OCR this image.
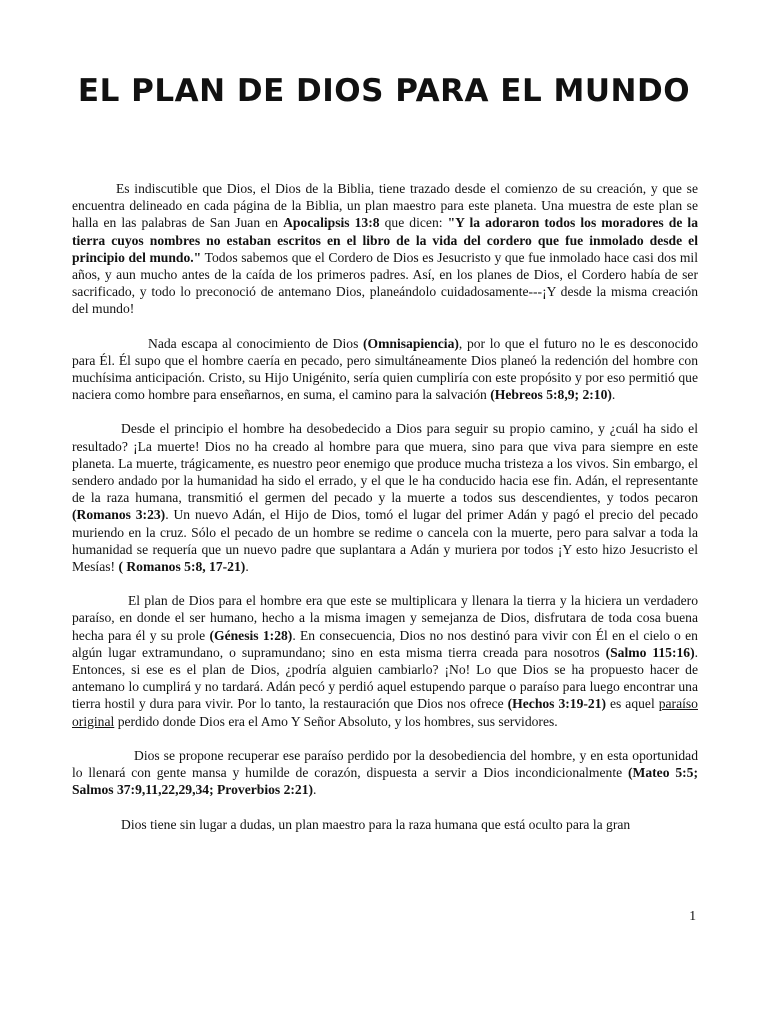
EL PLAN DE DIOS PARA EL MUNDO

Es indiscutible que Dios, el Dios de la Biblia, tiene trazado desde el comienzo de su creación, y que se encuentra delineado en cada página de la Biblia, un plan maestro para este planeta. Una muestra de este plan se halla en las palabras de San Juan en Apocalipsis 13:8 que dicen: "Y la adoraron todos los moradores de la tierra cuyos nombres no estaban escritos en el libro de la vida del cordero que fue inmolado desde el principio del mundo." Todos sabemos que el Cordero de Dios es Jesucristo y que fue inmolado hace casi dos mil años, y aun mucho antes de la caída de los primeros padres. Así, en los planes de Dios, el Cordero había de ser sacrificado, y todo lo preconoció de antemano Dios, planeándolo cuidadosamente---¡Y desde la misma creación del mundo!

Nada escapa al conocimiento de Dios (Omnisapiencia), por lo que el futuro no le es desconocido para Él. Él supo que el hombre caería en pecado, pero simultáneamente Dios planeó la redención del hombre con muchísima anticipación. Cristo, su Hijo Unigénito, sería quien cumpliría con este propósito y por eso permitió que naciera como hombre para enseñarnos, en suma, el camino para la salvación (Hebreos 5:8,9; 2:10).

Desde el principio el hombre ha desobedecido a Dios para seguir su propio camino, y ¿cuál ha sido el resultado? ¡La muerte! Dios no ha creado al hombre para que muera, sino para que viva para siempre en este planeta. La muerte, trágicamente, es nuestro peor enemigo que produce mucha tristeza a los vivos. Sin embargo, el sendero andado por la humanidad ha sido el errado, y el que le ha conducido hacia ese fin. Adán, el representante de la raza humana, transmitió el germen del pecado y la muerte a todos sus descendientes, y todos pecaron (Romanos 3:23). Un nuevo Adán, el Hijo de Dios, tomó el lugar del primer Adán y pagó el precio del pecado muriendo en la cruz. Sólo el pecado de un hombre se redime o cancela con la muerte, pero para salvar a toda la humanidad se requería que un nuevo padre que suplantara a Adán y muriera por todos ¡Y esto hizo Jesucristo el Mesías! ( Romanos 5:8, 17-21).

El plan de Dios para el hombre era que este se multiplicara y llenara la tierra y la hiciera un verdadero paraíso, en donde el ser humano, hecho a la misma imagen y semejanza de Dios, disfrutara de toda cosa buena hecha para él y su prole (Génesis 1:28). En consecuencia, Dios no nos destinó para vivir con Él en el cielo o en algún lugar extramundano, o supramundano; sino en esta misma tierra creada para nosotros (Salmo 115:16). Entonces, si ese es el plan de Dios, ¿podría alguien cambiarlo? ¡No! Lo que Dios se ha propuesto hacer de antemano lo cumplirá y no tardará. Adán pecó y perdió aquel estupendo parque o paraíso para luego encontrar una tierra hostil y dura para vivir. Por lo tanto, la restauración que Dios nos ofrece (Hechos 3:19-21) es aquel paraíso original perdido donde Dios era el Amo Y Señor Absoluto, y los hombres, sus servidores.

Dios se propone recuperar ese paraíso perdido por la desobediencia del hombre, y en esta oportunidad lo llenará con gente mansa y humilde de corazón, dispuesta a servir a Dios incondicionalmente (Mateo 5:5; Salmos 37:9,11,22,29,34; Proverbios 2:21).

Dios tiene sin lugar a dudas, un plan maestro para la raza humana que está oculto para la gran

1
